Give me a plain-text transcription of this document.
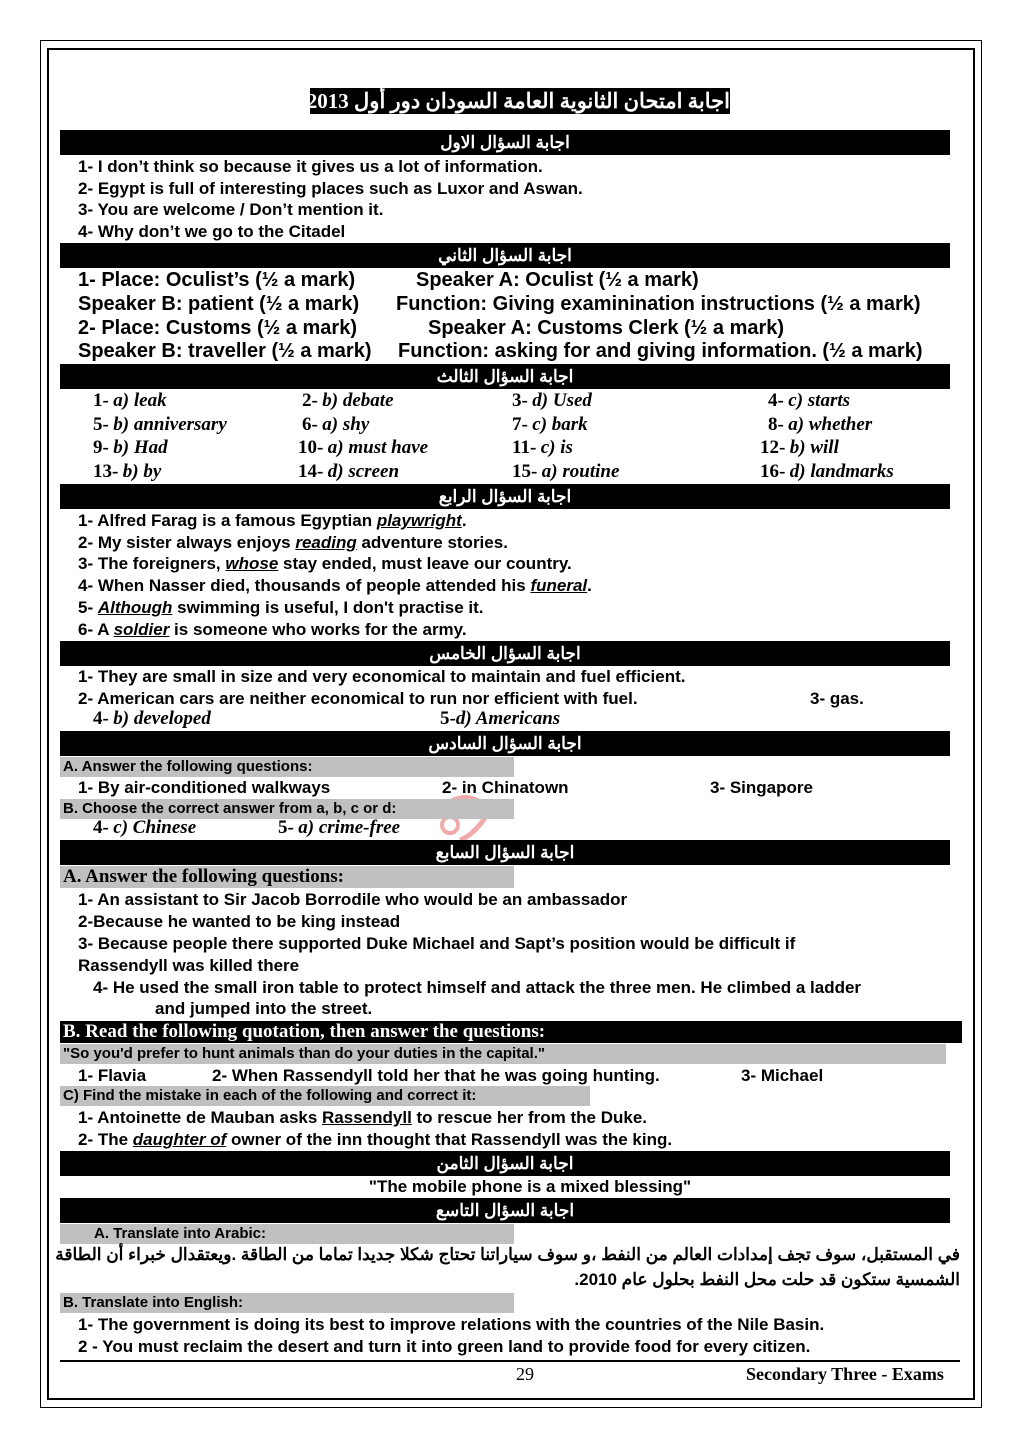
اجابة امتحان الثانوية العامة السودان دور أول 2013
اجابة السؤال الاول
1- I don’t think so because it gives us a lot of information.
2- Egypt is full of interesting places such as Luxor and Aswan.
3- You are welcome / Don’t mention it.
4- Why don’t we go to the Citadel
اجابة السؤال الثاني
1- Place: Oculist’s (½ a mark)	Speaker A: Oculist (½ a mark)
Speaker B: patient (½ a mark) Function: Giving examinination instructions (½ a mark)
2- Place: Customs (½ a mark)	Speaker A: Customs Clerk (½ a mark)
Speaker B: traveller (½ a mark) Function: asking for and giving information. (½ a mark)
اجابة السؤال الثالث
1- a) leak	2- b) debate	3- d) Used	4- c) starts
5- b) anniversary	6- a) shy	7- c) bark	8- a) whether
9- b) Had	10- a) must have	11- c) is	12- b) will
13- b) by	14- d) screen	15- a) routine	16- d) landmarks
اجابة السؤال الرابع
1- Alfred Farag is a famous Egyptian playwright.
2- My sister always enjoys reading adventure stories.
3- The foreigners, whose stay ended, must leave our country.
4- When Nasser died, thousands of people attended his funeral.
5- Although swimming is useful, I don't practise it.
6- A soldier is someone who works for the army.
اجابة السؤال الخامس
1- They are small in size and very economical to maintain and fuel efficient.
2- American cars are neither economical to run nor efficient with fuel.	3- gas.
4- b) developed	5-d) Americans
اجابة السؤال السادس
A. Answer the following questions:
1- By air-conditioned walkways	2- in Chinatown	3- Singapore
B. Choose the correct answer from a, b, c or d:
4- c) Chinese	5- a) crime-free
اجابة السؤال السابع
A. Answer the following questions:
1- An assistant to Sir Jacob Borrodile who would be an ambassador
2-Because he wanted to be king instead
3- Because people there supported Duke Michael and Sapt’s position would be difficult if
Rassendyll was killed there
4- He used the small iron table to protect himself and attack the three men. He climbed a ladder
and jumped into the street.
B. Read the following quotation, then answer the questions:
"So you'd prefer to hunt animals than do your duties in the capital."
1- Flavia	2- When Rassendyll told her that he was going hunting.	3- Michael
C) Find the mistake in each of the following and correct it:
1- Antoinette de Mauban asks Rassendyll to rescue her from the Duke.
2- The daughter of owner of the inn thought that Rassendyll was the king.
اجابة السؤال الثامن
"The mobile phone is a mixed blessing"
اجابة السؤال التاسع
A. Translate into Arabic:
في المستقبل، سوف تجف إمدادات العالم من النفط ،و سوف سياراتنا تحتاج شكلا جديدا تماما من الطاقة .ويعتقدال خبراء أن الطاقة
الشمسية ستكون قد حلت محل النفط بحلول عام 2010.
B. Translate into English:
1- The government is doing its best to improve relations with the countries of the Nile Basin.
2 - You must reclaim the desert and turn it into green land to provide food for every citizen.
29	Secondary Three - Exams
